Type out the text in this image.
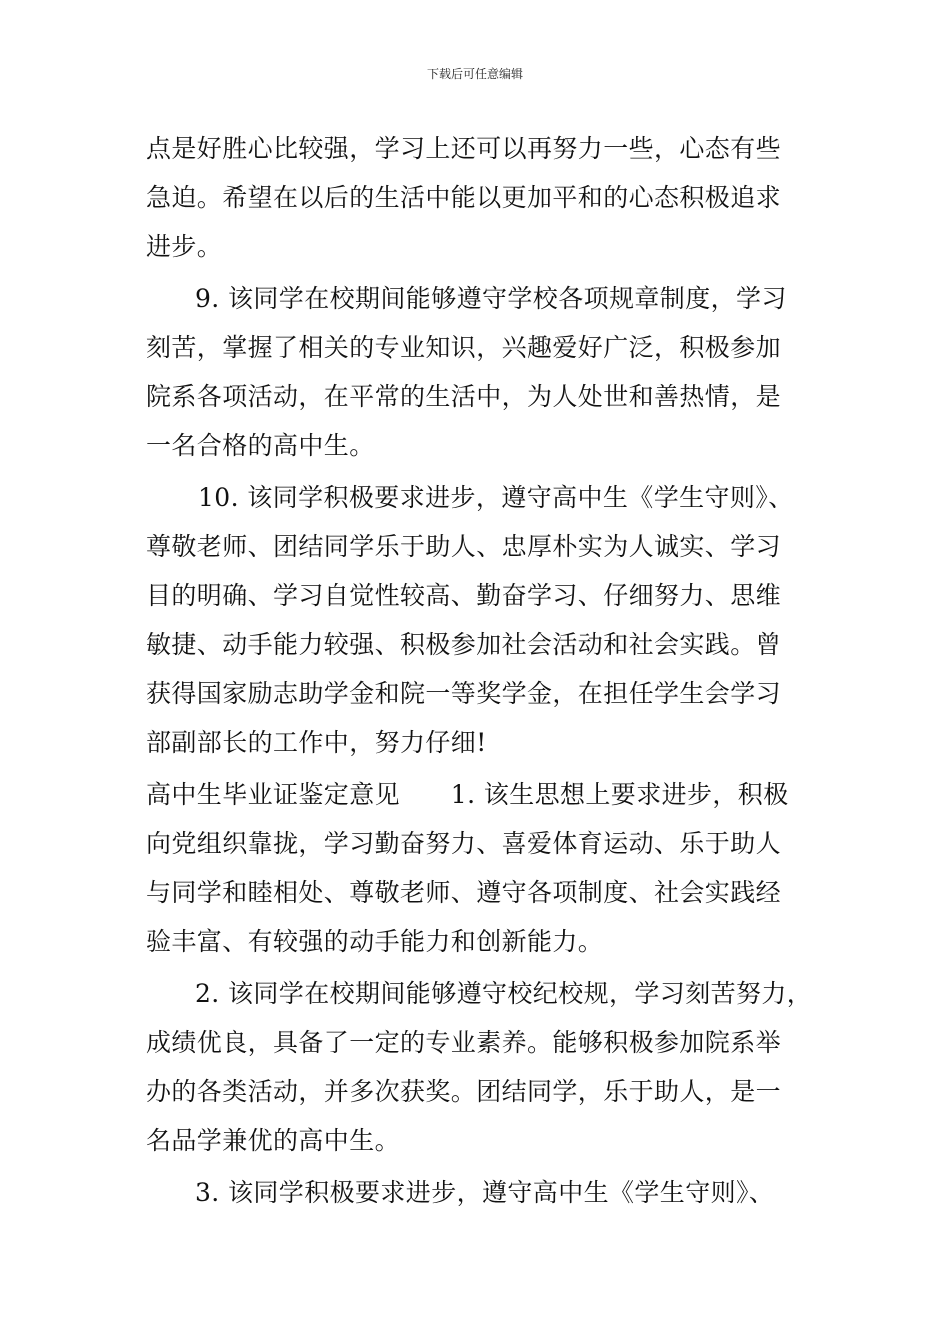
下载后可任意编辑
点是好胜心比较强，学习上还可以再努力一些，心态有些
急迫。希望在以后的生活中能以更加平和的心态积极追求
进步。
9. 该同学在校期间能够遵守学校各项规章制度，学习
刻苦，掌握了相关的专业知识，兴趣爱好广泛，积极参加
院系各项活动，在平常的生活中，为人处世和善热情，是
一名合格的高中生。
10. 该同学积极要求进步，遵守高中生《学生守则》、
尊敬老师、团结同学乐于助人、忠厚朴实为人诚实、学习
目的明确、学习自觉性较高、勤奋学习、仔细努力、思维
敏捷、动手能力较强、积极参加社会活动和社会实践。曾
获得国家励志助学金和院一等奖学金，在担任学生会学习
部副部长的工作中，努力仔细!
高中生毕业证鉴定意见　　1. 该生思想上要求进步，积极
向党组织靠拢，学习勤奋努力、喜爱体育运动、乐于助人
与同学和睦相处、尊敬老师、遵守各项制度、社会实践经
验丰富、有较强的动手能力和创新能力。
2. 该同学在校期间能够遵守校纪校规，学习刻苦努力，
成绩优良，具备了一定的专业素养。能够积极参加院系举
办的各类活动，并多次获奖。团结同学，乐于助人，是一
名品学兼优的高中生。
3. 该同学积极要求进步，遵守高中生《学生守则》、
